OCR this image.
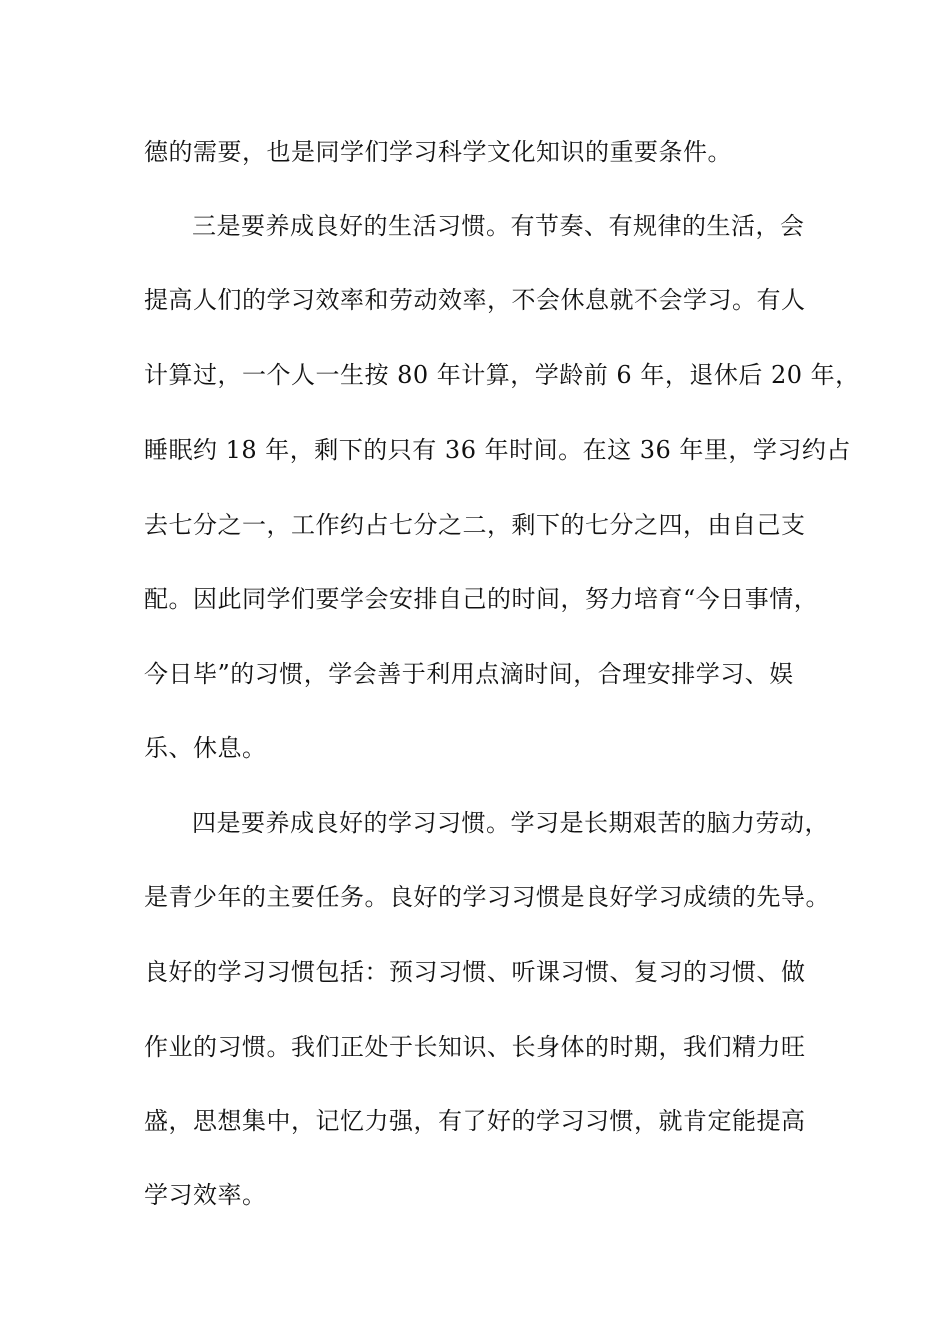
德的需要，也是同学们学习科学文化知识的重要条件。
三是要养成良好的生活习惯。有节奏、有规律的生活，会
提高人们的学习效率和劳动效率，不会休息就不会学习。有人
计算过，一个人一生按 80 年计算，学龄前 6 年，退休后 20 年，
睡眠约 18 年，剩下的只有 36 年时间。在这 36 年里，学习约占
去七分之一，工作约占七分之二，剩下的七分之四，由自己支
配。因此同学们要学会安排自己的时间，努力培育“今日事情，
今日毕”的习惯，学会善于利用点滴时间，合理安排学习、娱
乐、休息。
四是要养成良好的学习习惯。学习是长期艰苦的脑力劳动，
是青少年的主要任务。良好的学习习惯是良好学习成绩的先导。
良好的学习习惯包括：预习习惯、听课习惯、复习的习惯、做
作业的习惯。我们正处于长知识、长身体的时期，我们精力旺
盛，思想集中，记忆力强，有了好的学习习惯，就肯定能提高
学习效率。
